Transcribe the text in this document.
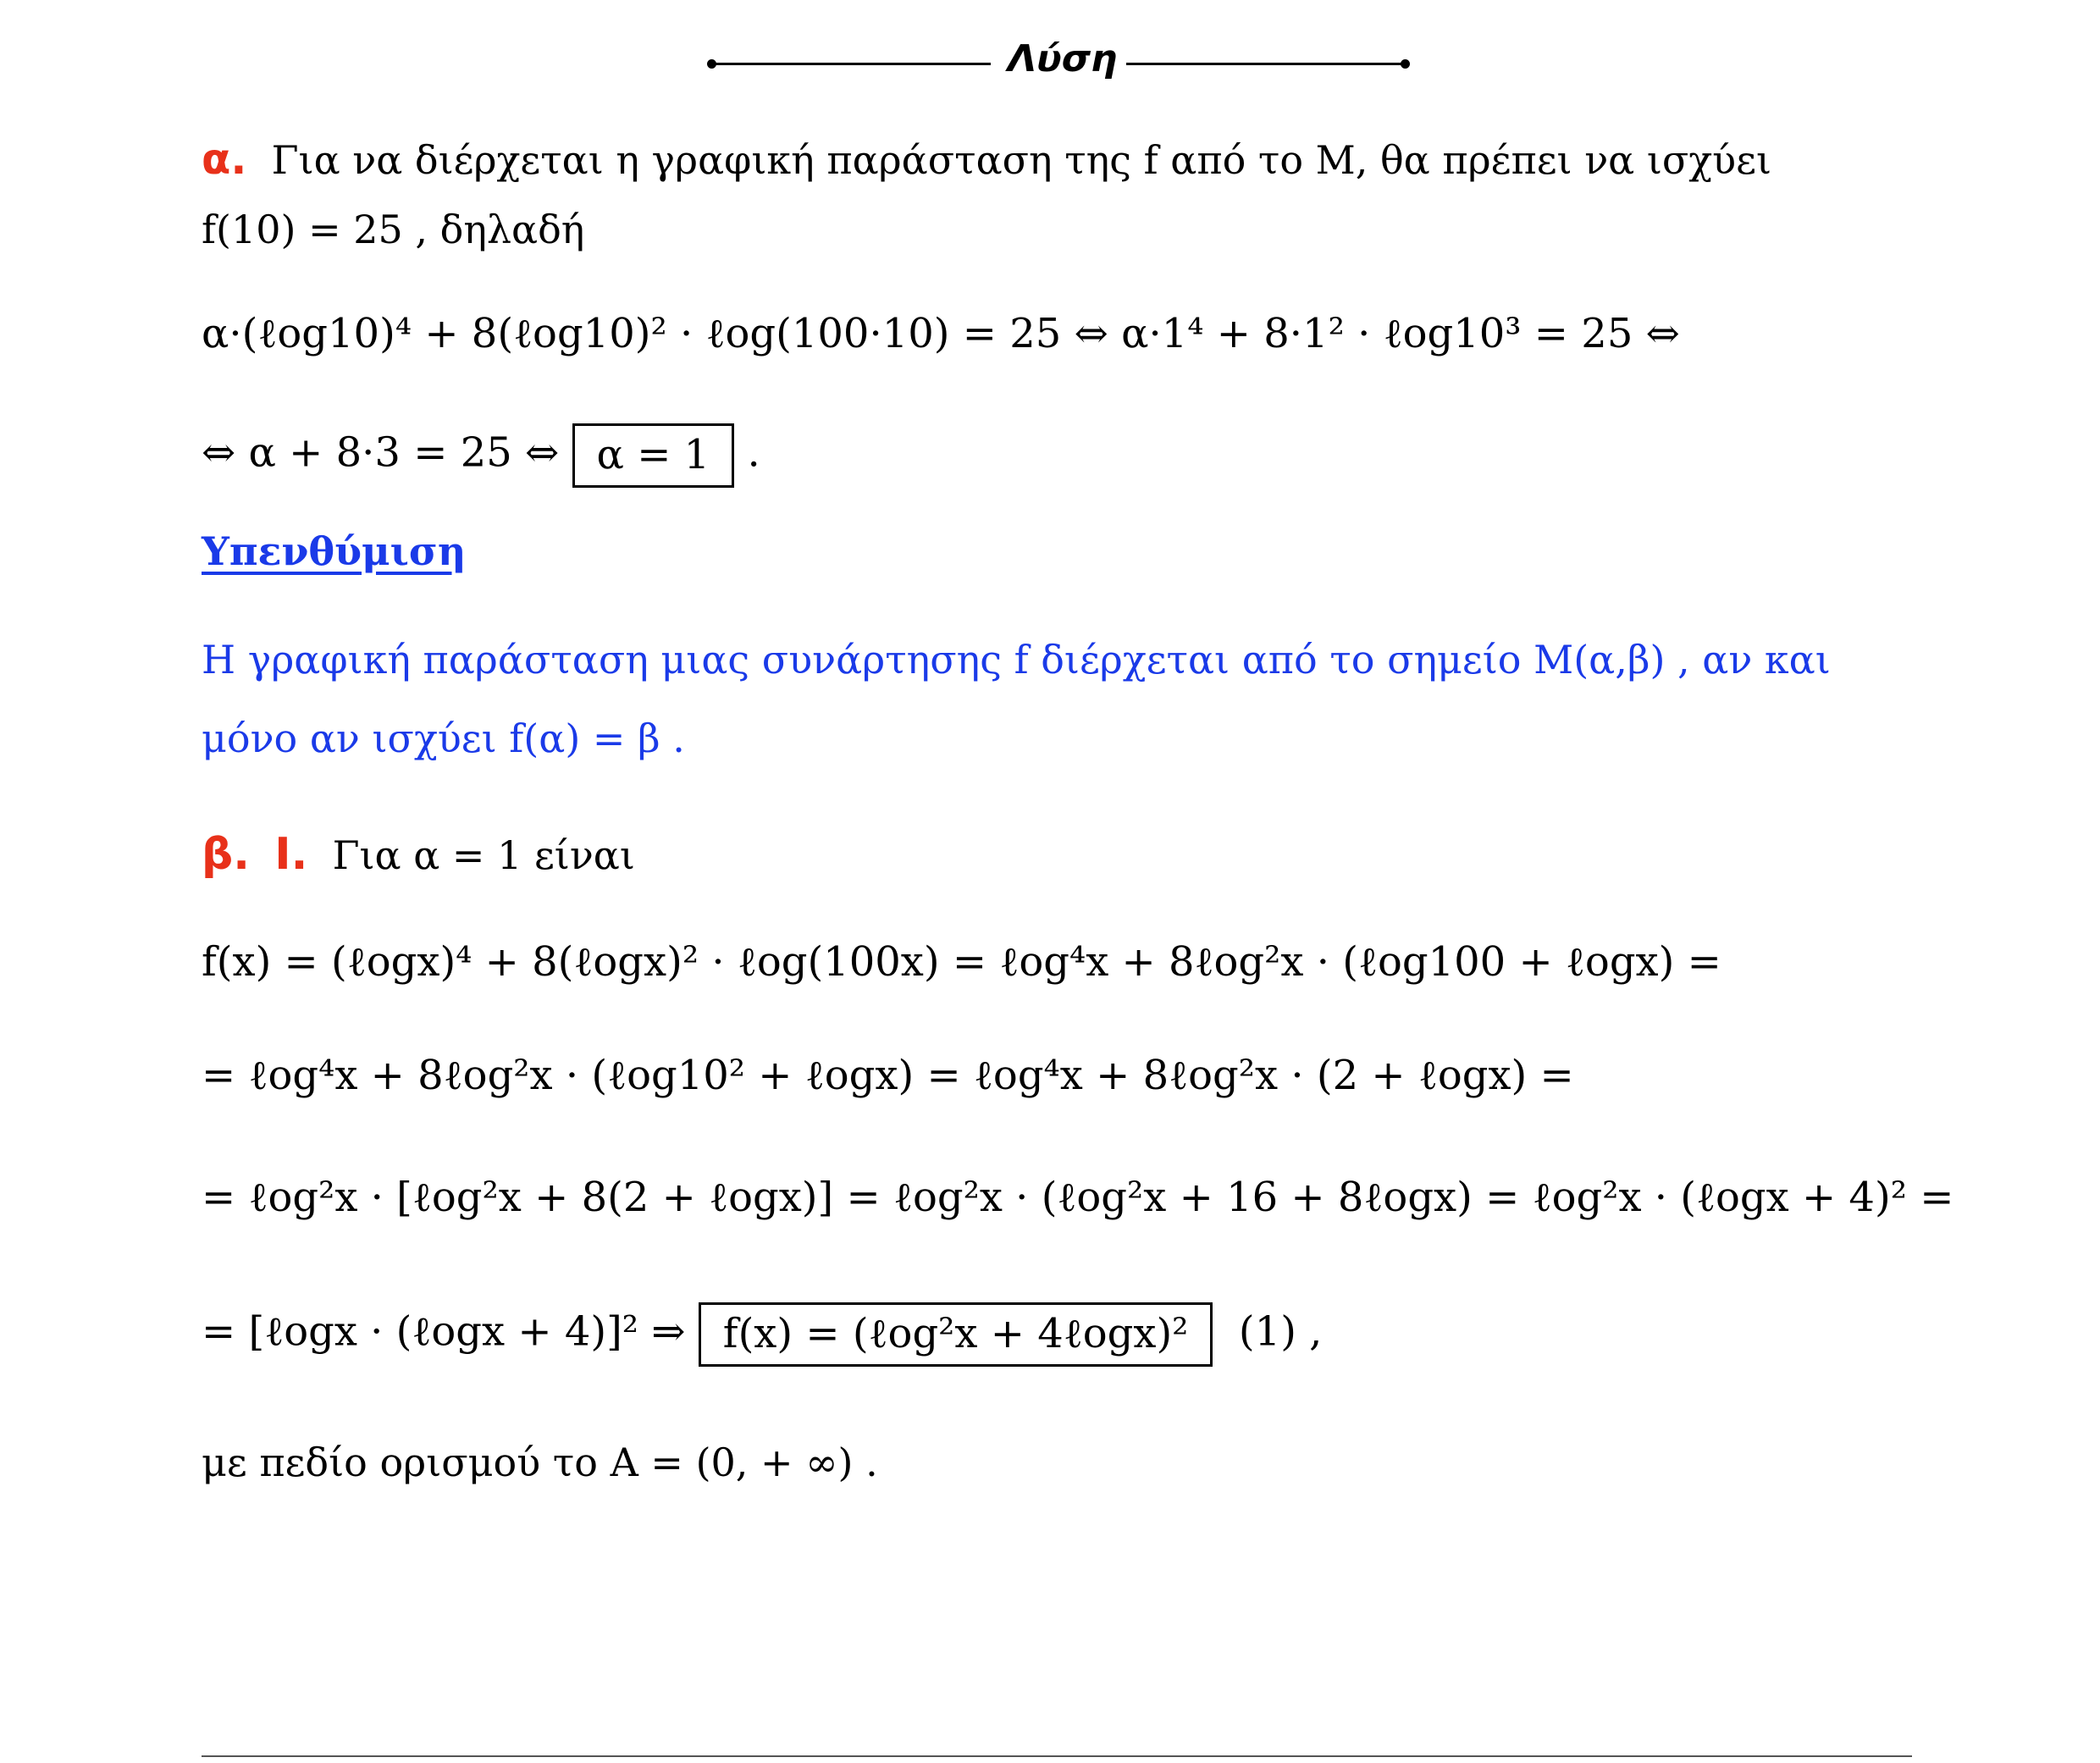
Λύση
α. Για να διέρχεται η γραφική παράσταση της f από το Μ, θα πρέπει να ισχύει
f(10) = 25 , δηλαδή
α·(ℓog10)⁴ + 8(ℓog10)² · ℓog(100·10) = 25 ⇔ α·1⁴ + 8·1² · ℓog10³ = 25 ⇔
⇔ α + 8·3 = 25 ⇔ α = 1 .
Υπενθύμιση
Η γραφική παράσταση μιας συνάρτησης f διέρχεται από το σημείο Μ(α,β) , αν και
μόνο αν ισχύει f(α) = β .
β. Ι. Για α = 1 είναι
f(x) = (ℓogx)⁴ + 8(ℓogx)² · ℓog(100x) = ℓog⁴x + 8ℓog²x · (ℓog100 + ℓogx) =
= ℓog⁴x + 8ℓog²x · (ℓog10² + ℓogx) = ℓog⁴x + 8ℓog²x · (2 + ℓogx) =
= ℓog²x · [ℓog²x + 8(2 + ℓogx)] = ℓog²x · (ℓog²x + 16 + 8ℓogx) = ℓog²x · (ℓogx + 4)² =
= [ℓogx · (ℓogx + 4)]² ⇒ f(x) = (ℓog²x + 4ℓogx)² (1) ,
με πεδίο ορισμού το Α = (0, + ∞) .
